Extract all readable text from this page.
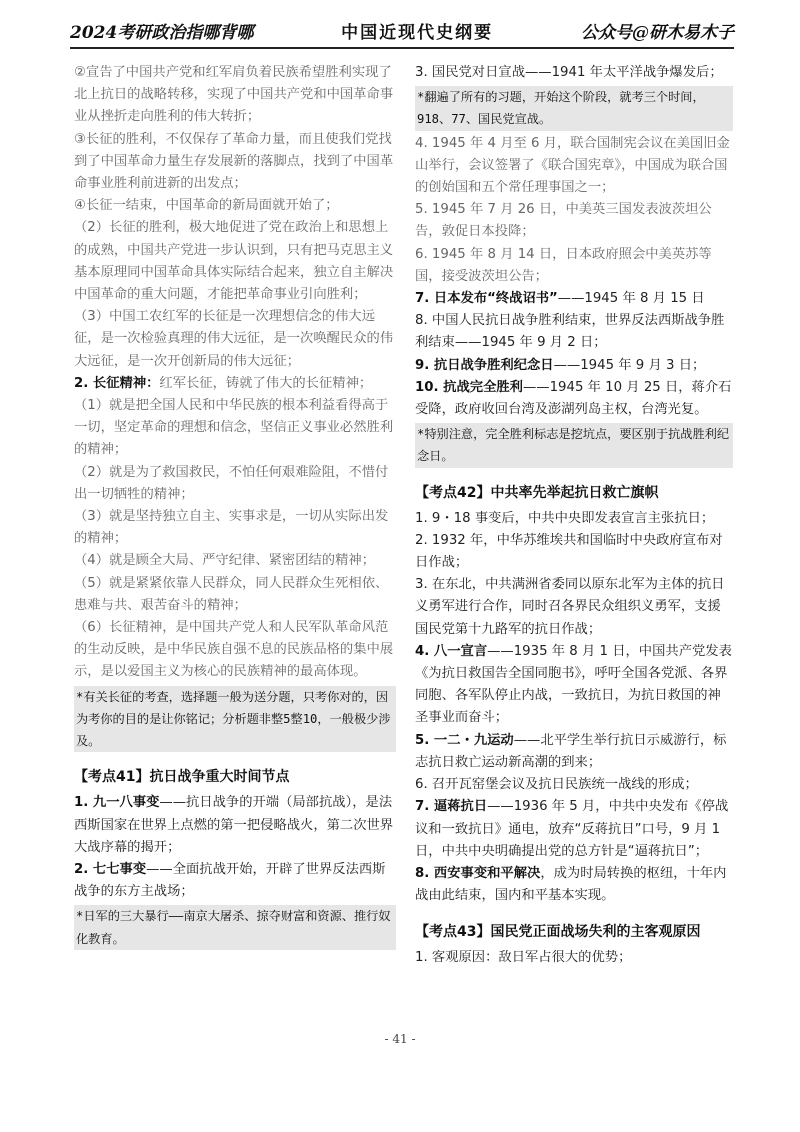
2024考研政治指哪背哪	中国近现代史纲要	公众号@研木易木子
②宣告了中国共产党和红军肩负着民族希望胜利实现了北上抗日的战略转移，实现了中国共产党和中国革命事业从挫折走向胜利的伟大转折；
③长征的胜利，不仅保存了革命力量，而且使我们党找到了中国革命力量生存发展新的落脚点，找到了中国革命事业胜利前进新的出发点；
④长征一结束，中国革命的新局面就开始了；
（2）长征的胜利，极大地促进了党在政治上和思想上的成熟，中国共产党进一步认识到，只有把马克思主义基本原理同中国革命具体实际结合起来，独立自主解决中国革命的重大问题，才能把革命事业引向胜利；
（3）中国工农红军的长征是一次理想信念的伟大远征，是一次检验真理的伟大远征，是一次唤醒民众的伟大远征，是一次开创新局的伟大远征；
2. 长征精神：红军长征，铸就了伟大的长征精神；
（1）就是把全国人民和中华民族的根本利益看得高于一切，坚定革命的理想和信念，坚信正义事业必然胜利的精神；
（2）就是为了救国救民，不怕任何艰难险阻，不惜付出一切牺牲的精神；
（3）就是坚持独立自主、实事求是，一切从实际出发的精神；
（4）就是顾全大局、严守纪律、紧密团结的精神；
（5）就是紧紧依靠人民群众，同人民群众生死相依、患难与共、艰苦奋斗的精神；
（6）长征精神，是中国共产党人和人民军队革命风范的生动反映，是中华民族自强不息的民族品格的集中展示，是以爱国主义为核心的民族精神的最高体现。
*有关长征的考查，选择题一般为送分题，只考你对的，因为考你的目的是让你铭记；分析题非整5整10，一般极少涉及。
【考点41】抗日战争重大时间节点
1. 九一八事变——抗日战争的开端（局部抗战），是法西斯国家在世界上点燃的第一把侵略战火，第二次世界大战序幕的揭开；
2. 七七事变——全面抗战开始，开辟了世界反法西斯战争的东方主战场；
*日军的三大暴行——南京大屠杀、掠夺财富和资源、推行奴化教育。
3. 国民党对日宣战——1941 年太平洋战争爆发后；
*翻遍了所有的习题，开始这个阶段，就考三个时间，918、77、国民党宣战。
4. 1945 年 4 月至 6 月，联合国制宪会议在美国旧金山举行，会议签署了《联合国宪章》，中国成为联合国的创始国和五个常任理事国之一；
5. 1945 年 7 月 26 日，中美英三国发表波茨坦公告，敦促日本投降；
6. 1945 年 8 月 14 日，日本政府照会中美英苏等国，接受波茨坦公告；
7. 日本发布“终战诏书”——1945 年 8 月 15 日
8. 中国人民抗日战争胜利结束，世界反法西斯战争胜利结束——1945 年 9 月 2 日；
9. 抗日战争胜利纪念日——1945 年 9 月 3 日；
10. 抗战完全胜利——1945 年 10 月 25 日，蒋介石受降，政府收回台湾及澎湖列岛主权，台湾光复。
*特别注意，完全胜利标志是挖坑点，要区别于抗战胜利纪念日。
【考点42】中共率先举起抗日救亡旗帜
1. 9・18 事变后，中共中央即发表宣言主张抗日；
2. 1932 年，中华苏维埃共和国临时中央政府宣布对日作战；
3. 在东北，中共满洲省委同以原东北军为主体的抗日义勇军进行合作，同时召各界民众组织义勇军，支援国民党第十九路军的抗日作战；
4. 八一宣言——1935 年 8 月 1 日，中国共产党发表《为抗日救国告全国同胞书》，呼吁全国各党派、各界同胞、各军队停止内战，一致抗日，为抗日救国的神圣事业而奋斗；
5. 一二・九运动——北平学生举行抗日示威游行，标志抗日救亡运动新高潮的到来；
6. 召开瓦窑堡会议及抗日民族统一战线的形成；
7. 逼蒋抗日——1936 年 5 月，中共中央发布《停战议和一致抗日》通电，放弃“反蒋抗日”口号，9 月 1 日，中共中央明确提出党的总方针是“逼蒋抗日”；
8. 西安事变和平解决，成为时局转换的枢纽，十年内战由此结束，国内和平基本实现。
【考点43】国民党正面战场失利的主客观原因
1. 客观原因：敌日军占很大的优势；
- 41 -
